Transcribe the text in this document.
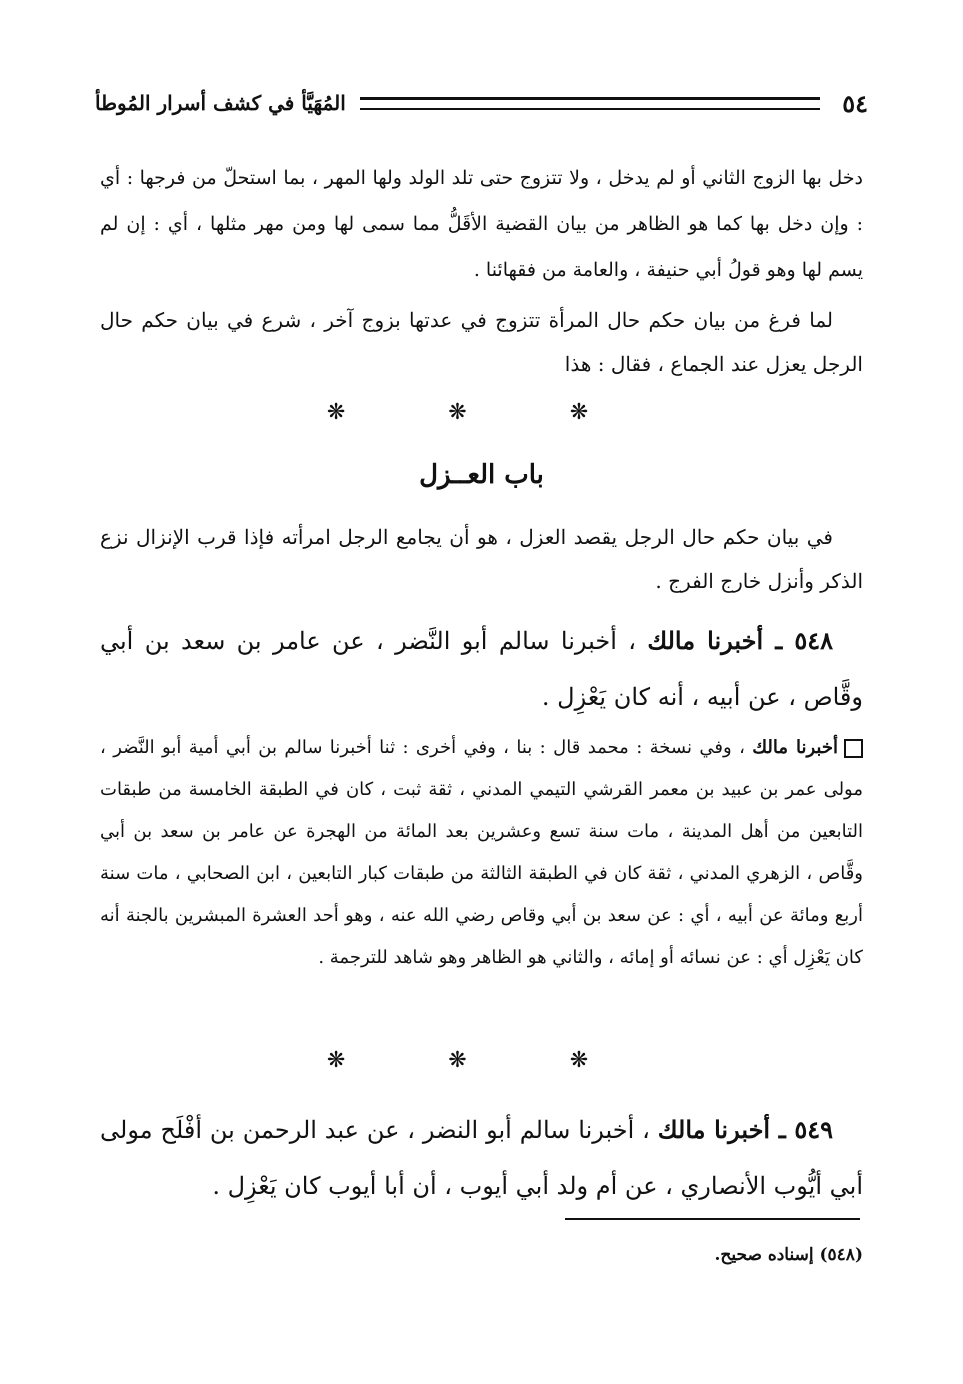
٥٤
المُهَيَّأ في كشف أسرار المُوطأ

دخل بها الزوج الثاني أو لم يدخل ، ولا تتزوج حتى تلد الولد ولها المهر ، بما استحلّ من فرجها : أي : وإن دخل بها كما هو الظاهر من بيان القضية الأقَلُّ مما سمى لها ومن مهر مثلها ، أي : إن لم يسم لها وهو قولُ أبي حنيفة ، والعامة من فقهائنا .

لما فرغ من بيان حكم حال المرأة تتزوج في عدتها بزوج آخر ، شرع في بيان حكم حال الرجل يعزل عند الجماع ، فقال : هذا

❋ ❋ ❋
باب العــزل

في بيان حكم حال الرجل يقصد العزل ، هو أن يجامع الرجل امرأته فإذا قرب الإنزال نزع الذكر وأنزل خارج الفرج .

٥٤٨ ـ أخبرنا مالك ، أخبرنا سالم أبو النَّضر ، عن عامر بن سعد بن أبي وقَّاص ، عن أبيه ، أنه كان يَعْزِل .

أخبرنا مالك ، وفي نسخة : محمد قال : بنا ، وفي أخرى : ثنا أخبرنا سالم بن أبي أمية أبو النَّضر ، مولى عمر بن عبيد بن معمر القرشي التيمي المدني ، ثقة ثبت ، كان في الطبقة الخامسة من طبقات التابعين من أهل المدينة ، مات سنة تسع وعشرين بعد المائة من الهجرة عن عامر بن سعد بن أبي وقَّاص ، الزهري المدني ، ثقة كان في الطبقة الثالثة من طبقات كبار التابعين ، ابن الصحابي ، مات سنة أربع ومائة عن أبيه ، أي : عن سعد بن أبي وقاص رضي الله عنه ، وهو أحد العشرة المبشرين بالجنة أنه كان يَعْزِل أي : عن نسائه أو إمائه ، والثاني هو الظاهر وهو شاهد للترجمة .

❋ ❋ ❋

٥٤٩ ـ أخبرنا مالك ، أخبرنا سالم أبو النضر ، عن عبد الرحمن بن أفْلَح مولى أبي أيُّوب الأنصاري ، عن أم ولد أبي أيوب ، أن أبا أيوب كان يَعْزِل .

(٥٤٨) إسناده صحيح.
